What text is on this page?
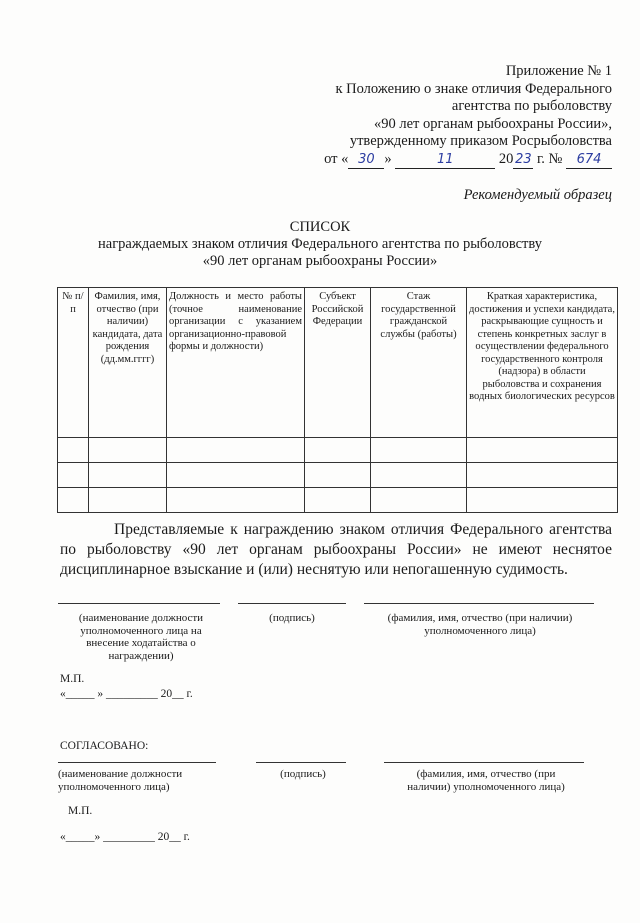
Приложение № 1
к Положению о знаке отличия Федерального
агентства по рыболовству
«90 лет органам рыбоохраны России»,
утвержденному приказом Росрыболовства
от « 30 »	11	20 23 г. № 674
Рекомендуемый образец
СПИСОК
награждаемых знаком отличия Федерального агентства по рыболовству
«90 лет органам рыбоохраны России»
№ п/п	Фамилия, имя, отчество (при наличии) кандидата, дата рождения (дд.мм.гггг)	Должность и место работы (точное наименование организации с указанием организационно-правовой формы и должности)	Субъект Российской Федерации	Стаж государственной гражданской службы (работы)	Краткая характеристика, достижения и успехи кандидата, раскрывающие сущность и степень конкретных заслуг в осуществлении федерального государственного контроля (надзора) в области рыболовства и сохранения водных биологических ресурсов

Представляемые к награждению знаком отличия Федерального агентства по рыболовству «90 лет органам рыбоохраны России» не имеют неснятое дисциплинарное взыскание и (или) неснятую или непогашенную судимость.
(наименование должности уполномоченного лица на внесение ходатайства о награждении)
(подпись)	(фамилия, имя, отчество (при наличии) уполномоченного лица)
М.П.
«_____ » _________ 20__ г.
СОГЛАСОВАНО:
(наименование должности уполномоченного лица)
(подпись)	(фамилия, имя, отчество (при наличии) уполномоченного лица)
М.П.
«_____» _________ 20__ г.
